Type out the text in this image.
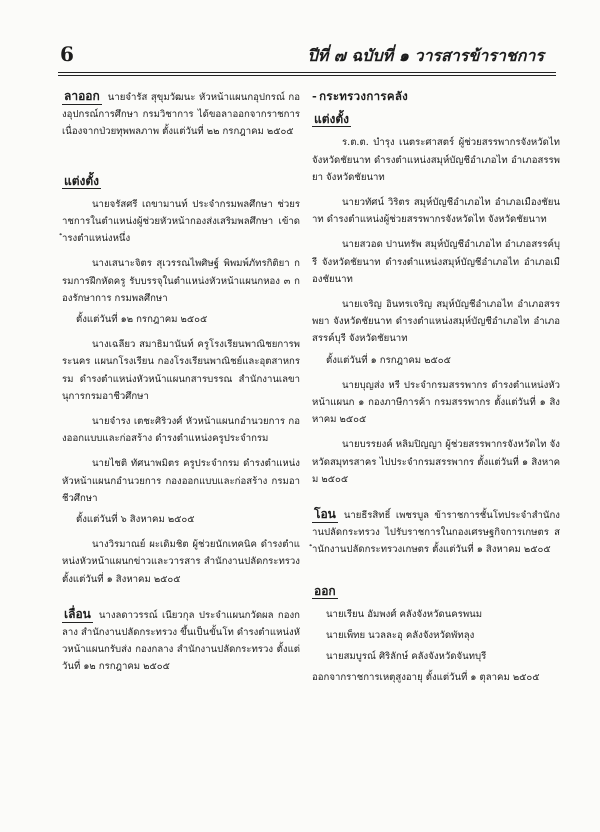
6	ปีที่ ๗ ฉบับที่ ๑ วารสารข้าราชการ

ลาออก นายจำรัส สุขุมวัฒนะ หัวหน้าแผนกอุปกรณ์ กองอุปกรณ์การศึกษา กรมวิชาการ ได้ขอลาออกจากราชการเนื่องจากป่วยทุพพลภาพ ตั้งแต่วันที่ ๒๒ กรกฎาคม ๒๕๐๕

แต่งตั้ง

นายจรัสศรี เถขามานท์ ประจำกรมพลศึกษา ช่วยราชการในตำแหน่งผู้ช่วยหัวหน้ากองส่งเสริมพลศึกษา เข้าดำรงตำแหน่งหนึ่ง

นางเสนาะจิตร สุเวรรณไพศิษฐ์ พิพมพ์ภัทรกิติยา กรมการฝึกหัดครู รับบรรจุในตำแหน่งหัวหน้าแผนกหอง ๓ กองรักษาการ กรมพลศึกษา

ตั้งแต่วันที่ ๑๒ กรกฎาคม ๒๕๐๕

นางเฉลียว สมาธิมานันท์ ครูโรงเรียนพาณิชยการพระนคร แผนกโรงเรียน กองโรงเรียนพาณิชย์และอุตสาหกรรม ดำรงตำแหน่งหัวหน้าแผนกสารบรรณ สำนักงานเลขานุการกรมอาชีวศึกษา

นายจำรง เตชะศิริวงศ์ หัวหน้าแผนกอำนวยการ กองออกแบบและก่อสร้าง ดำรงตำแหน่งครูประจำกรม

นายไชติ ทัศนาพมิตร ครูประจำกรม ดำรงตำแหน่งหัวหน้าแผนกอำนวยการ กองออกแบบและก่อสร้าง กรมอาชีวศึกษา

ตั้งแต่วันที่ ๖ สิงหาคม ๒๕๐๕

นางวิรมาณย์ ผะเดิมชิต ผู้ช่วยนักเทคนิค ดำรงตำแหน่งหัวหน้าแผนกข่าวและวารสาร สำนักงานปลัดกระทรวง ตั้งแต่วันที่ ๑ สิงหาคม ๒๕๐๕

เลื่อน นางลดาวรรณ์ เนียวกุล ประจำแผนกวัดผล กองกลาง สำนักงานปลัดกระทรวง ขึ้นเป็นขั้นโท ดำรงตำแหน่งหัวหน้าแผนกรับส่ง กองกลาง สำนักงานปลัดกระทรวง ตั้งแต่วันที่ ๑๒ กรกฎาคม ๒๕๐๕

- กระทรวงการคลัง
แต่งตั้ง

ร.ต.ต. บำรุง เนตระศาสตร์ ผู้ช่วยสรรพากรจังหวัดไท จังหวัดชัยนาท ดำรงตำแหน่งสมุห์บัญชีอำเภอไท อำเภอสรรพยา จังหวัดชัยนาท

นายวทัศน์ วิริตร สมุห์บัญชีอำเภอไท อำเภอเมืองชัยนาท ดำรงตำแหน่งผู้ช่วยสรรพากรจังหวัดไท จังหวัดชัยนาท

นายสวอด ปานทรัพ สมุห์บัญชีอำเภอไท อำเภอสรรค์บุรี จังหวัดชัยนาท ดำรงตำแหน่งสมุห์บัญชีอำเภอไท อำเภอเมืองชัยนาท

นายเจริญ อินทรเจริญ สมุห์บัญชีอำเภอไท อำเภอสรรพยา จังหวัดชัยนาท ดำรงตำแหน่งสมุห์บัญชีอำเภอไท อำเภอสรรค์บุรี จังหวัดชัยนาท

ตั้งแต่วันที่ ๑ กรกฎาคม ๒๕๐๕

นายบุญส่ง หรี ประจำกรมสรรพากร ดำรงตำแหน่งหัวหน้าแผนก ๑ กองภาษีการค้า กรมสรรพากร ตั้งแต่วันที่ ๑ สิงหาคม ๒๕๐๕

นายบรรยงค์ หลิมปิญญา ผู้ช่วยสรรพากรจังหวัดไท จังหวัดสมุทรสาคร ไปประจำกรมสรรพากร ตั้งแต่วันที่ ๑ สิงหาคม ๒๕๐๕

โอน นายธีรสิทธิ์ เพชรบูล ข้าราชการชั้นโทประจำสำนักงานปลัดกระทรวง ไปรับราชการในกองเศรษฐกิจการเกษตร สำนักงานปลัดกระทรวงเกษตร ตั้งแต่วันที่ ๑ สิงหาคม ๒๕๐๕

ออก

นายเรียน อัมพงศ์ คลังจังหวัดนครพนม

นายเพ็ทย นวลละอุ คลังจังหวัดพัทลุง

นายสมบูรณ์ ศิริลักษ์ คลังจังหวัดจันทบุรี

ออกจากราชการเหตุสูงอายุ ตั้งแต่วันที่ ๑ ตุลาคม ๒๕๐๕
